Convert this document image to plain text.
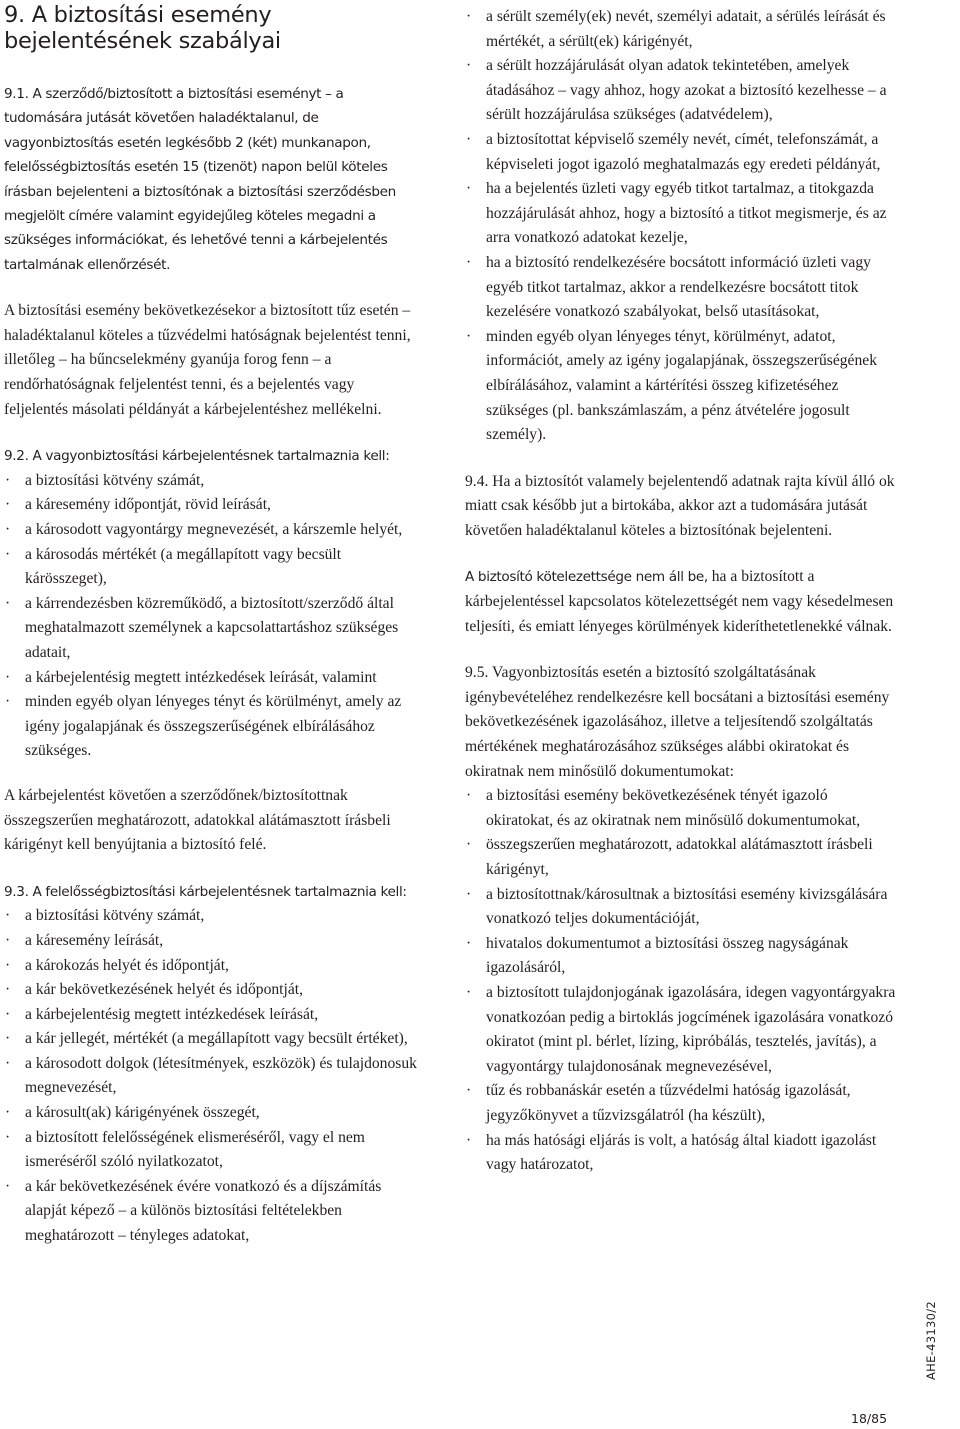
9. A biztosítási esemény bejelentésének szabályai

9.1. A szerződő/biztosított a biztosítási eseményt – a tudomására jutását követően haladéktalanul, de vagyonbiztosítás esetén legkésőbb 2 (két) munkanapon, felelősségbiztosítás esetén 15 (tizenöt) napon belül köteles írásban bejelenteni a biztosítónak a biztosítási szerződésben megjelölt címére valamint egyidejűleg köteles megadni a szükséges információkat, és lehetővé tenni a kárbejelentés tartalmának ellenőrzését.

A biztosítási esemény bekövetkezésekor a biztosított tűz esetén – haladéktalanul köteles a tűzvédelmi hatóságnak bejelentést tenni, illetőleg – ha bűncselekmény gyanúja forog fenn – a rendőrhatóságnak feljelentést tenni, és a bejelentés vagy feljelentés másolati példányát a kárbejelentéshez mellékelni.

9.2. A vagyonbiztosítási kárbejelentésnek tartalmaznia kell:

· a biztosítási kötvény számát,
· a káresemény időpontját, rövid leírását,
· a károsodott vagyontárgy megnevezését, a kárszemle helyét,
· a károsodás mértékét (a megállapított vagy becsült kárösszeget),
· a kárrendezésben közreműködő, a biztosított/szerződő által meghatalmazott személynek a kapcsolattartáshoz szükséges adatait,
· a kárbejelentésig megtett intézkedések leírását, valamint
· minden egyéb olyan lényeges tényt és körülményt, amely az igény jogalapjának és összegszerűségének elbírálásához szükséges.

A kárbejelentést követően a szerződőnek/biztosítottnak összegszerűen meghatározott, adatokkal alátámasztott írásbeli kárigényt kell benyújtania a biztosító felé.

9.3. A felelősségbiztosítási kárbejelentésnek tartalmaznia kell:

· a biztosítási kötvény számát,
· a káresemény leírását,
· a károkozás helyét és időpontját,
· a kár bekövetkezésének helyét és időpontját,
· a kárbejelentésig megtett intézkedések leírását,
· a kár jellegét, mértékét (a megállapított vagy becsült értéket),
· a károsodott dolgok (létesítmények, eszközök) és tulajdonosuk megnevezését,
· a károsult(ak) kárigényének összegét,
· a biztosított felelősségének elismeréséről, vagy el nem ismeréséről szóló nyilatkozatot,
· a kár bekövetkezésének évére vonatkozó és a díjszámítás alapját képező – a különös biztosítási feltételekben meghatározott – tényleges adatokat,
· a sérült személy(ek) nevét, személyi adatait, a sérülés leírását és mértékét, a sérült(ek) kárigényét,
· a sérült hozzájárulását olyan adatok tekintetében, amelyek átadásához – vagy ahhoz, hogy azokat a biztosító kezelhesse – a sérült hozzájárulása szükséges (adatvédelem),
· a biztosítottat képviselő személy nevét, címét, telefonszámát, a képviseleti jogot igazoló meghatalmazás egy eredeti példányát,
· ha a bejelentés üzleti vagy egyéb titkot tartalmaz, a titokgazda hozzájárulását ahhoz, hogy a biztosító a titkot megismerje, és az arra vonatkozó adatokat kezelje,
· ha a biztosító rendelkezésére bocsátott információ üzleti vagy egyéb titkot tartalmaz, akkor a rendelkezésre bocsátott titok kezelésére vonatkozó szabályokat, belső utasításokat,
· minden egyéb olyan lényeges tényt, körülményt, adatot, információt, amely az igény jogalapjának, összegszerűségének elbírálásához, valamint a kártérítési összeg kifizetéséhez szükséges (pl. bankszámlaszám, a pénz átvételére jogosult személy).

9.4. Ha a biztosítót valamely bejelentendő adatnak rajta kívül álló ok miatt csak később jut a birtokába, akkor azt a tudomására jutását követően haladéktalanul köteles a biztosítónak bejelenteni.

A biztosító kötelezettsége nem áll be, ha a biztosított a kárbejelentéssel kapcsolatos kötelezettségét nem vagy késedelmesen teljesíti, és emiatt lényeges körülmények kideríthetetlenekké válnak.

9.5. Vagyonbiztosítás esetén a biztosító szolgáltatásának igénybevételéhez rendelkezésre kell bocsátani a biztosítási esemény bekövetkezésének igazolásához, illetve a teljesítendő szolgáltatás mértékének meghatározásához szükséges alábbi okiratokat és okiratnak nem minősülő dokumentumokat:

· a biztosítási esemény bekövetkezésének tényét igazoló okiratokat, és az okiratnak nem minősülő dokumentumokat,
· összegszerűen meghatározott, adatokkal alátámasztott írásbeli kárigényt,
· a biztosítottnak/károsultnak a biztosítási esemény kivizsgálására vonatkozó teljes dokumentációját,
· hivatalos dokumentumot a biztosítási összeg nagyságának igazolásáról,
· a biztosított tulajdonjogának igazolására, idegen vagyontárgyakra vonatkozóan pedig a birtoklás jogcímének igazolására vonatkozó okiratot (mint pl. bérlet, lízing, kipróbálás, tesztelés, javítás), a vagyontárgy tulajdonosának megnevezésével,
· tűz és robbanáskár esetén a tűzvédelmi hatóság igazolását, jegyzőkönyvet a tűzvizsgálatról (ha készült),
· ha más hatósági eljárás is volt, a hatóság által kiadott igazolást vagy határozatot,
AHE-43130/2
18/85
